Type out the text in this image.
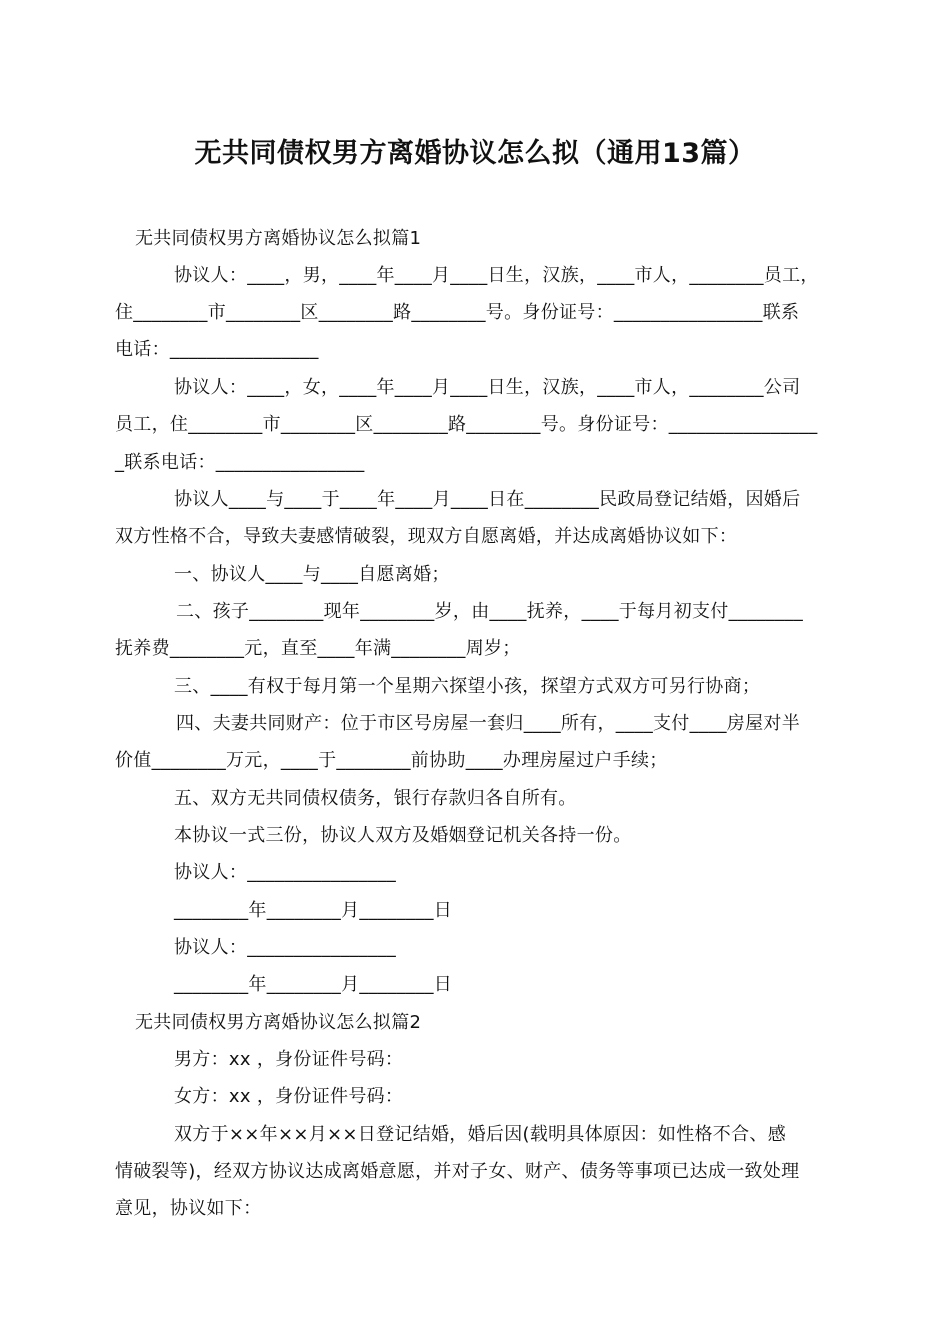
无共同债权男方离婚协议怎么拟（通用13篇）
无共同债权男方离婚协议怎么拟篇1
协议人：____，男，____年____月____日生，汉族，____市人，________员工，
住________市________区________路________号。身份证号：________________联系
电话：________________
协议人：____，女，____年____月____日生，汉族，____市人，________公司
员工，住________市________区________路________号。身份证号：________________
_联系电话：________________
协议人____与____于____年____月____日在________民政局登记结婚，因婚后
双方性格不合，导致夫妻感情破裂，现双方自愿离婚，并达成离婚协议如下：
一、协议人____与____自愿离婚；
二、孩子________现年________岁，由____抚养，____于每月初支付________
抚养费________元，直至____年满________周岁；
三、____有权于每月第一个星期六探望小孩，探望方式双方可另行协商；
四、夫妻共同财产：位于市区号房屋一套归____所有，____支付____房屋对半
价值________万元，____于________前协助____办理房屋过户手续；
五、双方无共同债权债务，银行存款归各自所有。
本协议一式三份，协议人双方及婚姻登记机关各持一份。
协议人：________________
________年________月________日
协议人：________________
________年________月________日
无共同债权男方离婚协议怎么拟篇2
男方：xx ，身份证件号码：
女方：xx ，身份证件号码：
双方于××年××月××日登记结婚，婚后因(载明具体原因：如性格不合、感
情破裂等)，经双方协议达成离婚意愿，并对子女、财产、债务等事项已达成一致处理
意见，协议如下：
